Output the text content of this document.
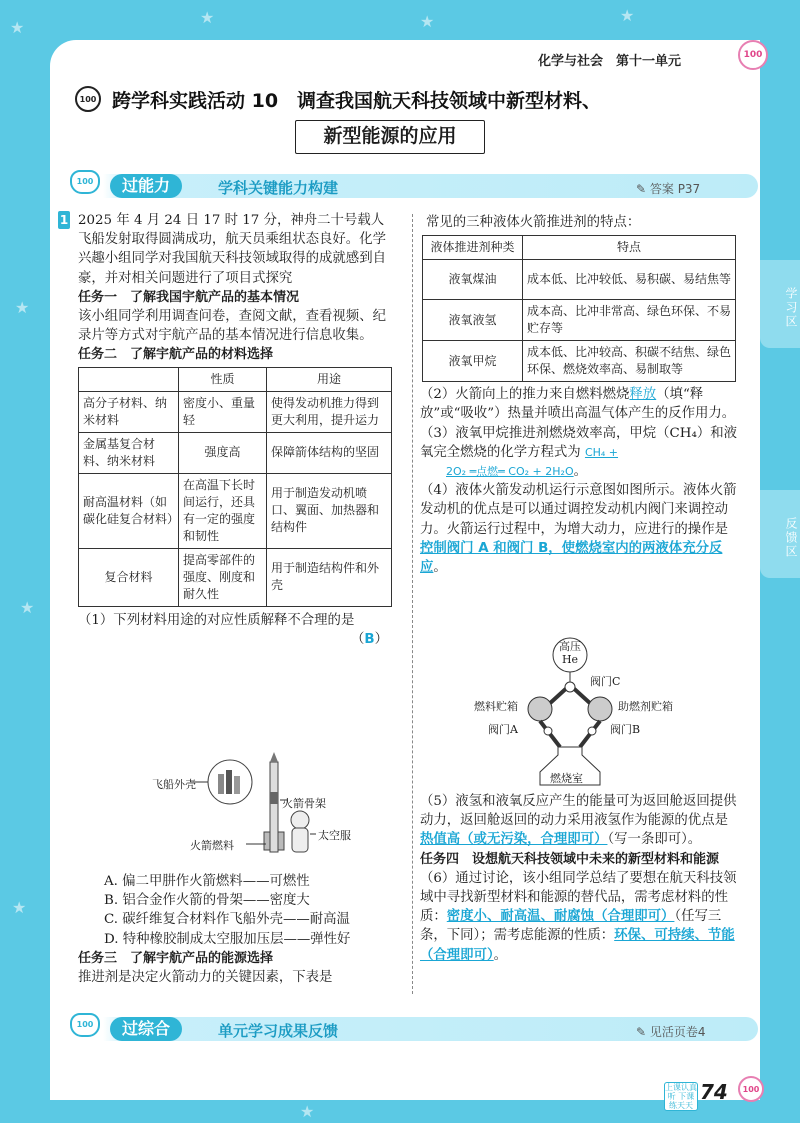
★
★	★	★
★
★
★
★
学习区
反馈区
化学与社会　 第十一单元	100
100 跨学科实践活动 10　调查我国航天科技领域中新型材料、
新型能源的应用
100	过能力	学科关键能力构建	✎ 答案 P37
1 2025 年 4 月 24 日 17 时 17 分，神舟二十号载人飞船发射取得圆满成功，航天员乘组状态良好。化学兴趣小组同学对我国航天科技领域取得的成就感到自豪，并对相关问题进行了项目式探究

任务一　了解我国宇航产品的基本情况

该小组同学利用调查问卷，查阅文献，查看视频、纪录片等方式对宇航产品的基本情况进行信息收集。

任务二　了解宇航产品的材料选择

	性质	用途
高分子材料、纳米材料	密度小、重量轻	使得发动机推力得到更大利用，提升运力
金属基复合材料、纳米材料	强度高	保障箭体结构的坚固
耐高温材料（如碳化硅复合材料）	在高温下长时间运行，还具有一定的强度和韧性	用于制造发动机喷口、翼面、加热器和结构件
复合材料	提高零部件的强度、刚度和耐久性	用于制造结构件和外壳

（1）下列材料用途的对应性质解释不合理的是

（B）

飞船外壳
火箭骨架
火箭燃料
太空服

A. 偏二甲肼作火箭燃料——可燃性

B. 铝合金作火箭的骨架——密度大

C. 碳纤维复合材料作飞船外壳——耐高温

D. 特种橡胶制成太空服加压层——弹性好

任务三　了解宇航产品的能源选择

推进剂是决定火箭动力的关键因素，下表是

常见的三种液体火箭推进剂的特点：

液体推进剂种类	特点
液氧煤油	成本低、比冲较低、易积碳、易结焦等
液氧液氢	成本高、比冲非常高、绿色环保、不易贮存等
液氧甲烷	成本低、比冲较高、积碳不结焦、绿色环保、燃烧效率高、易制取等

（2）火箭向上的推力来自燃料燃烧释放（填“释放”或“吸收”）热量并喷出高温气体产生的反作用力。

（3）液氧甲烷推进剂燃烧效率高，甲烷（CH₄）和液氧完全燃烧的化学方程式为 CH₄ +
2O₂ ═点燃═ CO₂ + 2H₂O。

（4）液体火箭发动机运行示意图如图所示。液体火箭发动机的优点是可以通过调控发动机内阀门来调控动力。火箭运行过程中，为增大动力，应进行的操作是控制阀门 A 和阀门 B，使燃烧室内的两液体充分反应。

高压
He
阀门C
燃料贮箱	助燃剂贮箱
阀门A	阀门B
燃烧室

（5）液氢和液氧反应产生的能量可为返回舱返回提供动力，返回舱返回的动力采用液氢作为能源的优点是热值高（或无污染，合理即可）（写一条即可）。

任务四　设想航天科技领域中未来的新型材料和能源

（6）通过讨论，该小组同学总结了要想在航天科技领域中寻找新型材料和能源的替代品，需考虑材料的性质：密度小、耐高温、耐腐蚀（合理即可）（任写三条，下同）；需考虑能源的性质：环保、可持续、节能（合理即可）。

100	过综合	单元学习成果反馈	✎ 见活页卷4
上课认真听 下课练天天
74	100
